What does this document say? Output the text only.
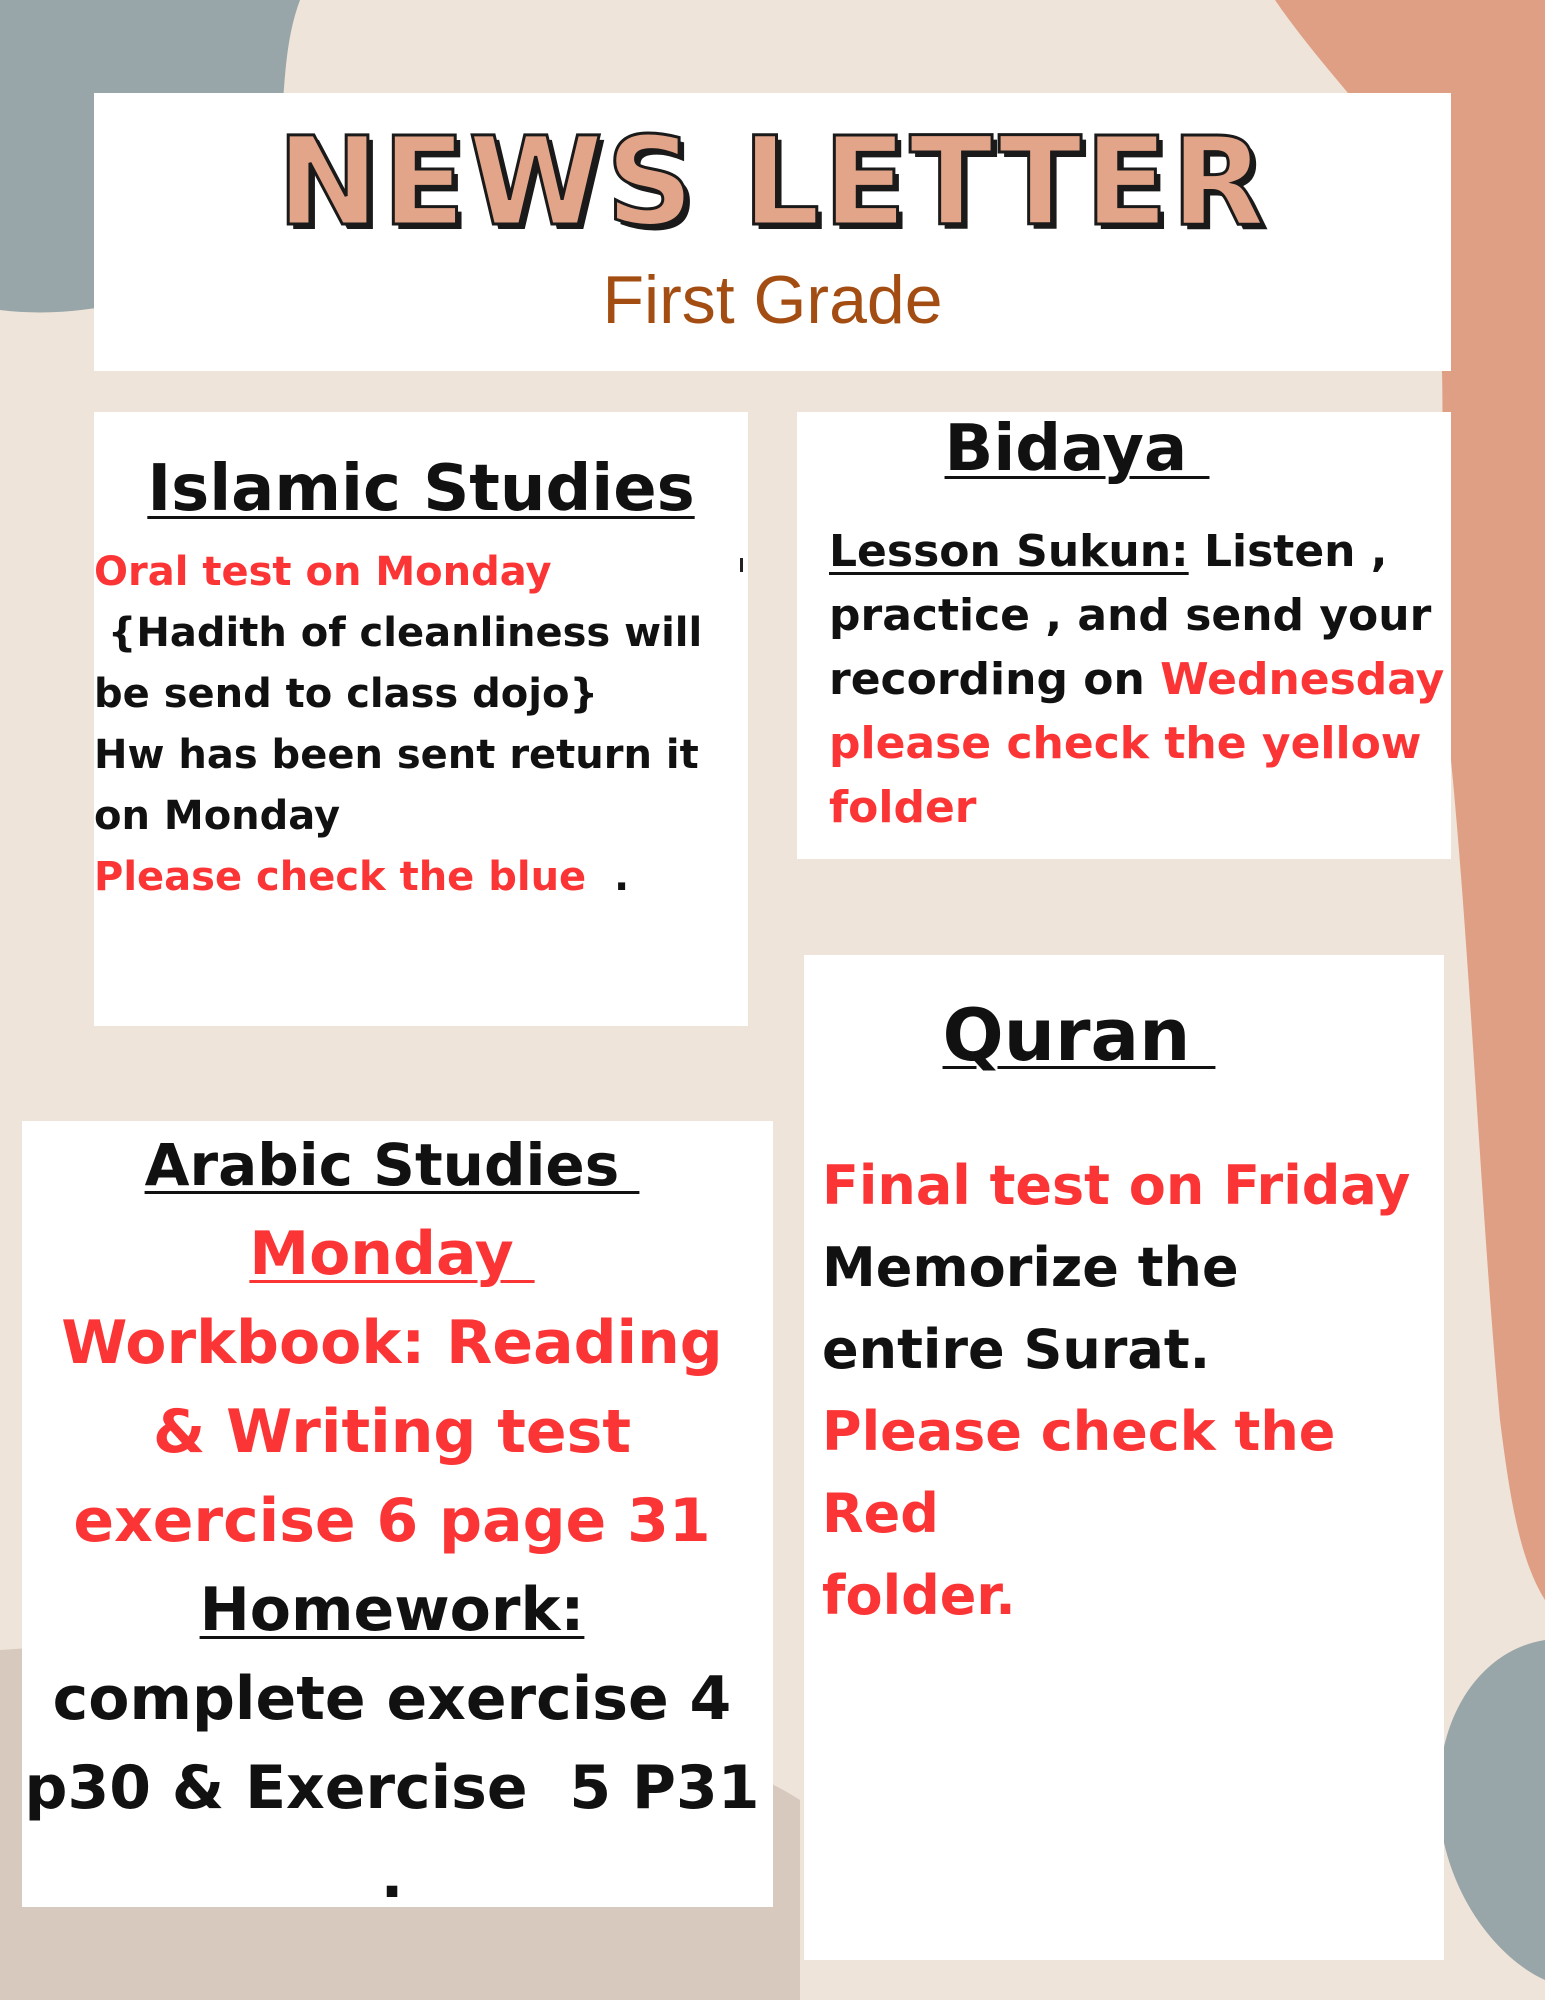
NEWS LETTER
First Grade
Islamic Studies
Oral test on Monday
{Hadith of cleanliness will
be send to class dojo}
Hw has been sent return it
on Monday
Please check the blue  .
Bidaya
Lesson Sukun: Listen ,
practice , and send your
recording on Wednesday
please check the yellow
folder
Quran
Final test on Friday
Memorize the
entire Surat.
Please check the Red
folder.
Arabic Studies
Monday
Workbook: Reading
& Writing test
exercise 6 page 31
Homework:
complete exercise 4
p30 & Exercise  5 P31
.
